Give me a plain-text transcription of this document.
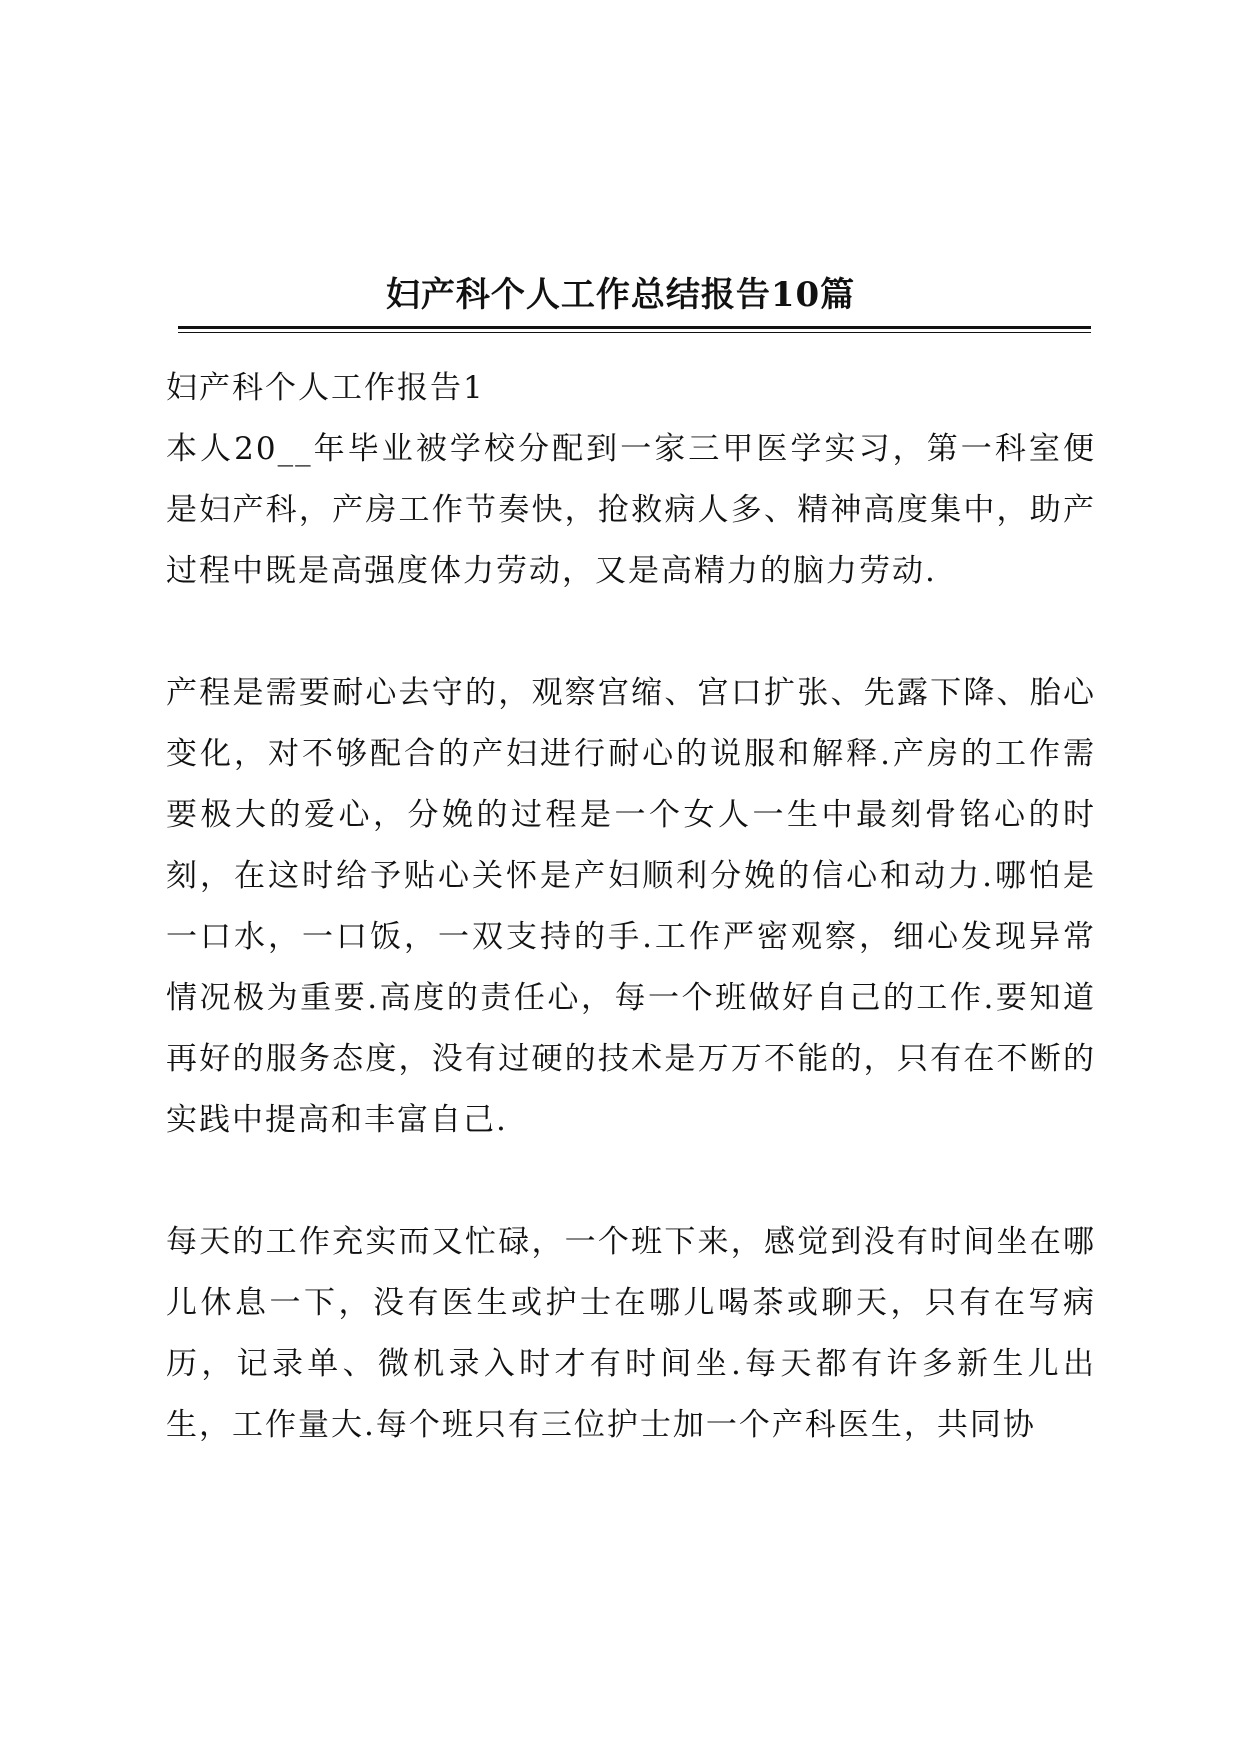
妇产科个人工作总结报告10篇
妇产科个人工作报告1

本人20__年毕业被学校分配到一家三甲医学实习，第一科室便是妇产科，产房工作节奏快，抢救病人多、精神高度集中，助产过程中既是高强度体力劳动，又是高精力的脑力劳动.

产程是需要耐心去守的，观察宫缩、宫口扩张、先露下降、胎心变化，对不够配合的产妇进行耐心的说服和解释.产房的工作需要极大的爱心，分娩的过程是一个女人一生中最刻骨铭心的时刻，在这时给予贴心关怀是产妇顺利分娩的信心和动力.哪怕是一口水，一口饭，一双支持的手.工作严密观察，细心发现异常情况极为重要.高度的责任心，每一个班做好自己的工作.要知道再好的服务态度，没有过硬的技术是万万不能的，只有在不断的实践中提高和丰富自己.

每天的工作充实而又忙碌，一个班下来，感觉到没有时间坐在哪儿休息一下，没有医生或护士在哪儿喝茶或聊天，只有在写病历，记录单、微机录入时才有时间坐.每天都有许多新生儿出生，工作量大.每个班只有三位护士加一个产科医生，共同协
